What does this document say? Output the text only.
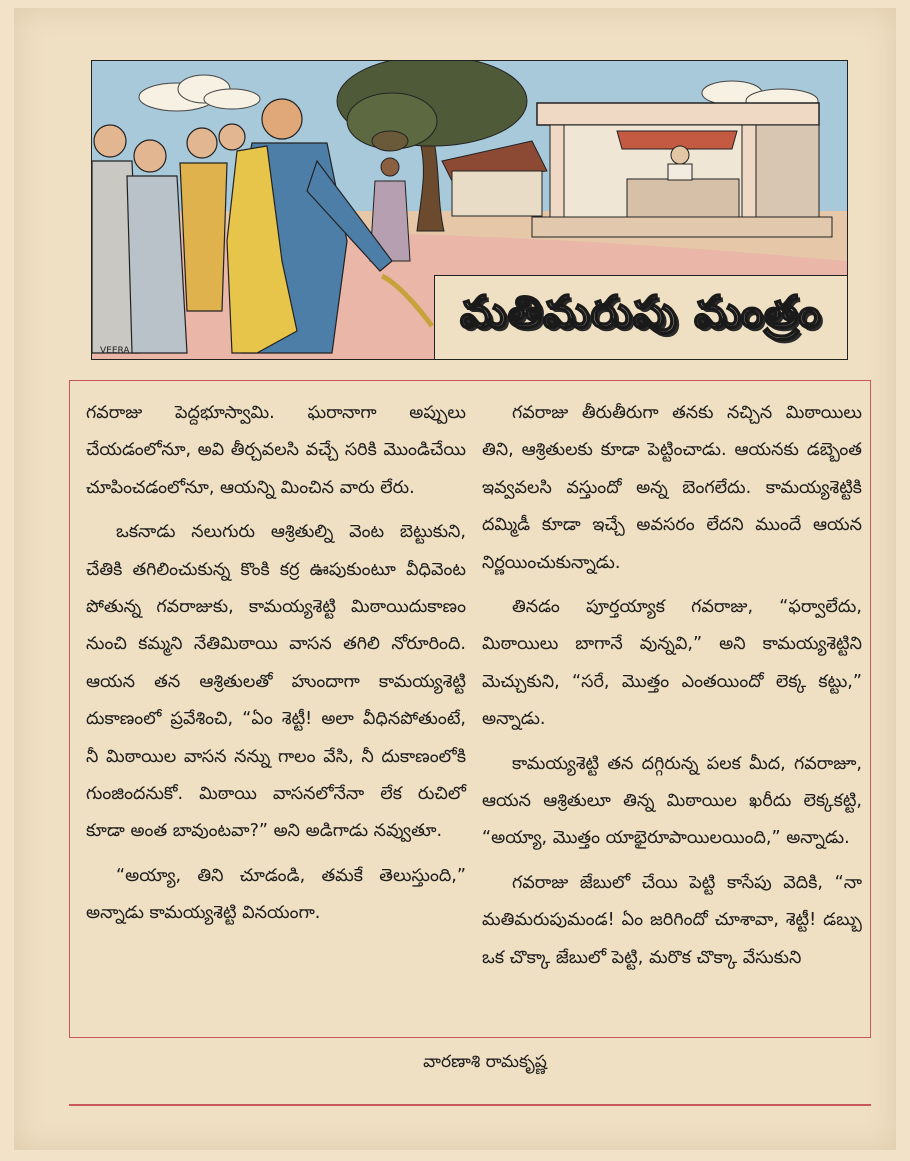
VEERA
మతిమరుపు మంత్రం

గవరాజు పెద్దభూస్వామి. ఘరానాగా అప్పులు చేయడంలోనూ, అవి తీర్చవలసి వచ్చే సరికి మొండిచేయి చూపించడంలోనూ, ఆయన్ని మించిన వారు లేరు.

ఒకనాడు నలుగురు ఆశ్రితుల్ని వెంట బెట్టుకుని, చేతికి తగిలించుకున్న కొంకి కర్ర ఊపుకుంటూ వీధివెంట పోతున్న గవరాజుకు, కామయ్యశెట్టి మిఠాయిదుకాణం నుంచి కమ్మని నేతిమిఠాయి వాసన తగిలి నోరూరింది. ఆయన తన ఆశ్రితులతో హుందాగా కామయ్యశెట్టి దుకాణంలో ప్రవేశించి, “ఏం శెట్టీ! అలా వీధినపోతుంటే, నీ మిఠాయిల వాసన నన్ను గాలం వేసి, నీ దుకాణంలోకి గుంజిందనుకో. మిఠాయి వాసనలోనేనా లేక రుచిలో కూడా అంత బావుంటవా?” అని అడిగాడు నవ్వుతూ.

“అయ్యా, తిని చూడండి, తమకే తెలుస్తుంది,” అన్నాడు కామయ్యశెట్టి వినయంగా.

గవరాజు తీరుతీరుగా తనకు నచ్చిన మిఠాయిలు తిని, ఆశ్రితులకు కూడా పెట్టించాడు. ఆయనకు డబ్బెంత ఇవ్వవలసి వస్తుందో అన్న బెంగలేదు. కామయ్యశెట్టికి దమ్మిడీ కూడా ఇచ్చే అవసరం లేదని ముందే ఆయన నిర్ణయించుకున్నాడు.

తినడం పూర్తయ్యాక గవరాజు, “ఫర్వాలేదు, మిఠాయిలు బాగానే వున్నవి,” అని కామయ్యశెట్టిని మెచ్చుకుని, “సరే, మొత్తం ఎంతయిందో లెక్క కట్టు,” అన్నాడు.

కామయ్యశెట్టి తన దగ్గిరున్న పలక మీద, గవరాజూ, ఆయన ఆశ్రితులూ తిన్న మిఠాయిల ఖరీదు లెక్కకట్టి, “అయ్యా, మొత్తం యాభైరూపాయిలయింది,” అన్నాడు.

గవరాజు జేబులో చేయి పెట్టి కాసేపు వెదికి, “నా మతిమరుపుమండ! ఏం జరిగిందో చూశావా, శెట్టీ! డబ్బు ఒక చొక్కా జేబులో పెట్టి, మరొక చొక్కా వేసుకుని

వారణాశి రామకృష్ణ
